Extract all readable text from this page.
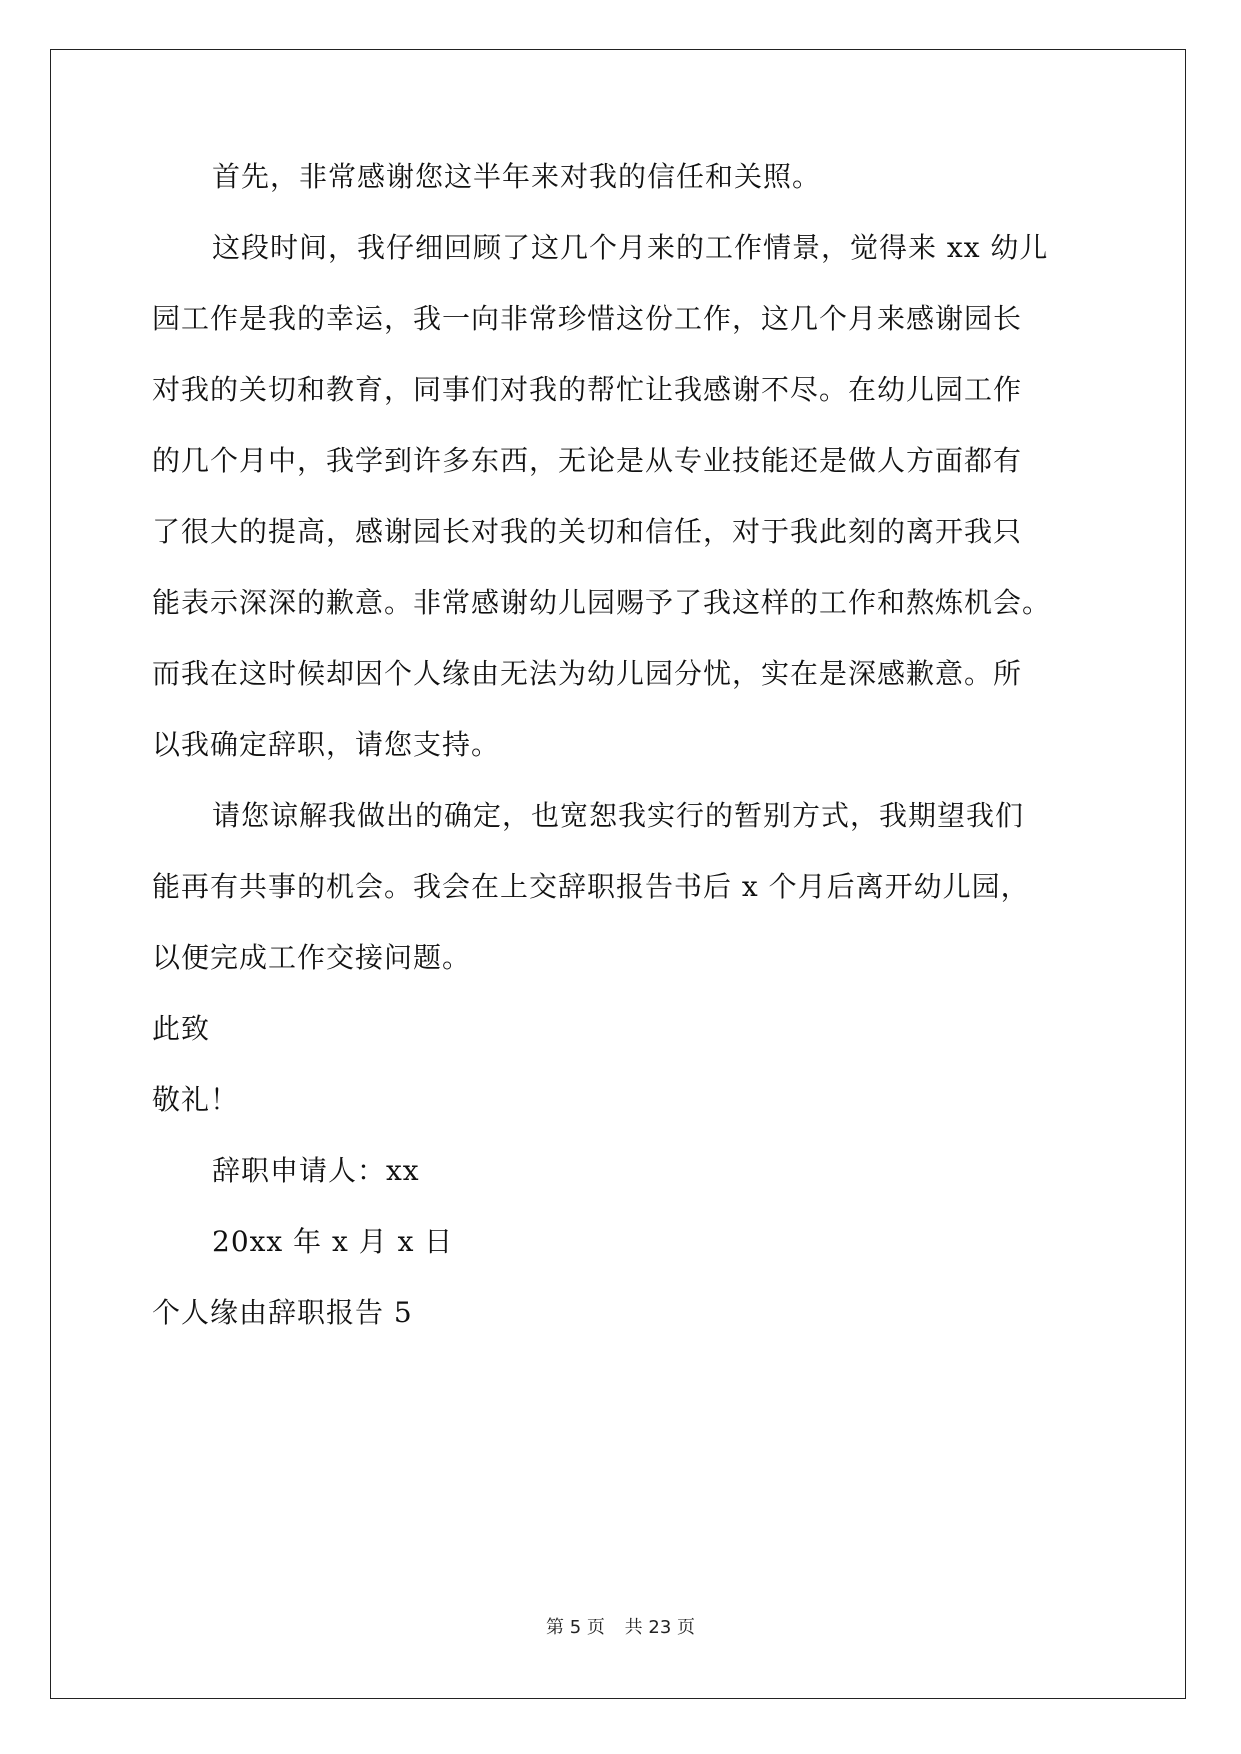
首先，非常感谢您这半年来对我的信任和关照。
这段时间，我仔细回顾了这几个月来的工作情景，觉得来 xx 幼儿
园工作是我的幸运，我一向非常珍惜这份工作，这几个月来感谢园长
对我的关切和教育，同事们对我的帮忙让我感谢不尽。在幼儿园工作
的几个月中，我学到许多东西，无论是从专业技能还是做人方面都有
了很大的提高，感谢园长对我的关切和信任，对于我此刻的离开我只
能表示深深的歉意。非常感谢幼儿园赐予了我这样的工作和熬炼机会。
而我在这时候却因个人缘由无法为幼儿园分忧，实在是深感歉意。所
以我确定辞职，请您支持。
请您谅解我做出的确定，也宽恕我实行的暂别方式，我期望我们
能再有共事的机会。我会在上交辞职报告书后 x 个月后离开幼儿园，
以便完成工作交接问题。
此致
敬礼！
辞职申请人：xx
20xx 年 x 月 x 日
个人缘由辞职报告 5
第 5 页 共 23 页
